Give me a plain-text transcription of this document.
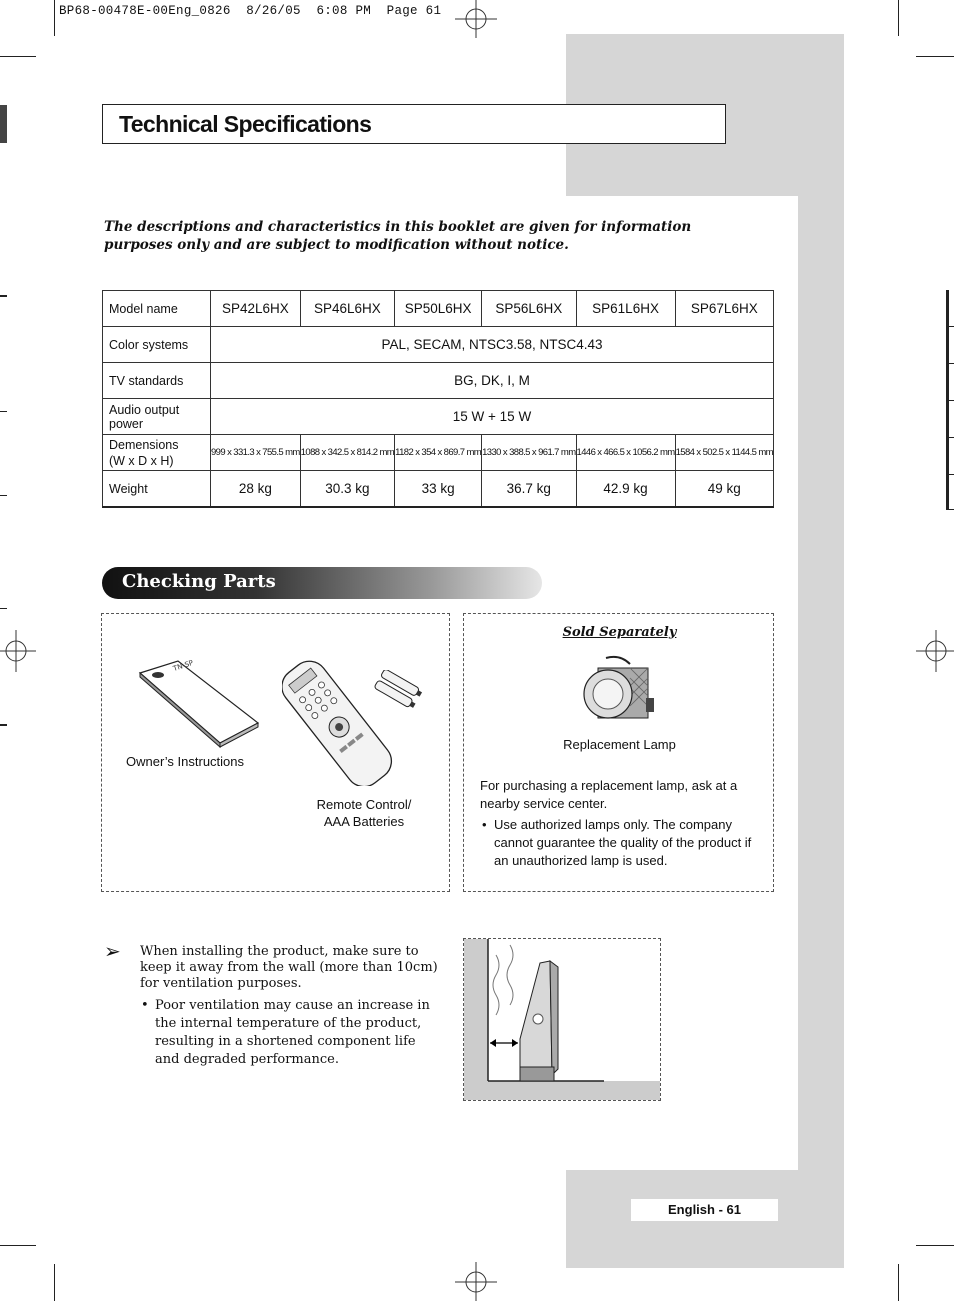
BP68-00478E-00Eng_0826  8/26/05  6:08 PM  Page 61
Technical Specifications
The descriptions and characteristics in this booklet are given for information purposes only and are subject to modification without notice.
Model name	SP42L6HX	SP46L6HX	SP50L6HX	SP56L6HX	SP61L6HX	SP67L6HX
Color systems	PAL, SECAM, NTSC3.58, NTSC4.43					
TV standards	BG, DK, I, M					
Audio output power	15 W + 15 W					
Demensions
(W x D x H)	999 x 331.3 x 755.5 mm	1088 x 342.5 x 814.2 mm	1182 x 354 x 869.7 mm	1330 x 388.5 x 961.7 mm	1446 x 466.5 x 1056.2 mm	1584 x 502.5 x 1144.5 mm
Weight	28 kg	30.3 kg	33 kg	36.7 kg	42.9 kg	49 kg
Checking Parts
TN-SP
Owner’s Instructions
Remote Control/
AAA Batteries
Sold Separately
Replacement Lamp
For purchasing a replacement lamp, ask at a nearby service center.
• Use authorized lamps only. The company cannot guarantee the quality of the product if an unauthorized lamp is used.
➢ When installing the product, make sure to keep it away from the wall (more than 10cm) for ventilation purposes.
• Poor ventilation may cause an increase in the internal temperature of the product, resulting in a shortened component life and degraded performance.
English - 61
